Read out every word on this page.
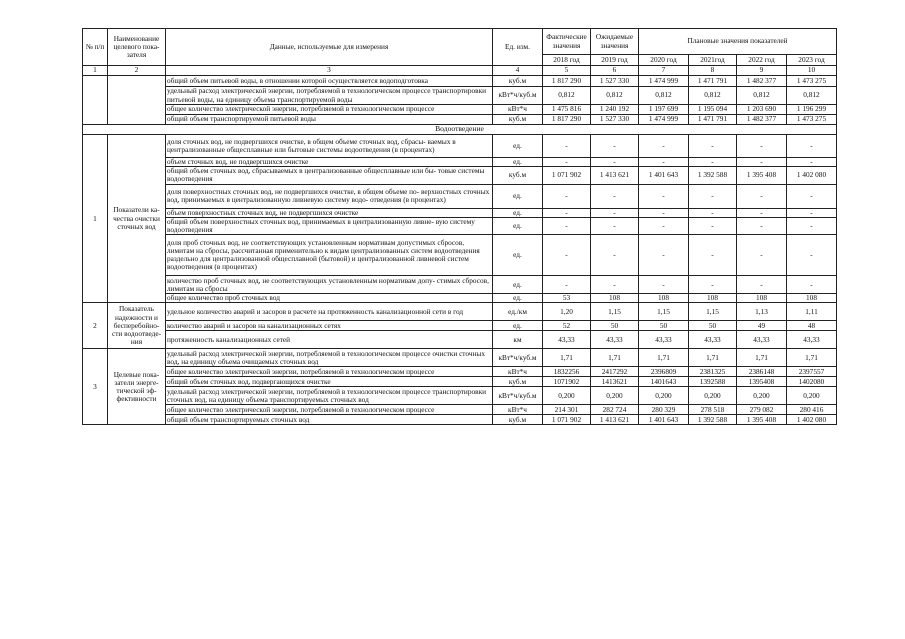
№ п/п	Наименование целевого пока- зателя	Данные, используемые для измерения	Ед. изм.	Фактические значения	Ожидаемые значения	Плановые значения показателей			
				2018 год	2019 год	2020 год	2021год	2022 год	2023 год
1	2	3	4	5	6	7	8	9	10
		общий объем питьевой воды, в отношении которой осуществляется водоподготовка	куб.м	1 817 290	1 527 330	1 474 999	1 471 791	1 482 377	1 473 275
		удельный расход электрической энергии, потребляемой в технологическом процессе транспортировки питьевой воды, на единицу объема транспортируемой воды	кВт*ч/куб.м	0,812	0,812	0,812	0,812	0,812	0,812
		общее количество электрической энергии, потребляемой в технологическом процессе	кВт*ч	1 475 816	1 240 192	1 197 699	1 195 094	1 203 690	1 196 299
		общий объем транспортируемой питьевой воды	куб.м	1 817 290	1 527 330	1 474 999	1 471 791	1 482 377	1 473 275
Водоотведение									
1	Показатели ка- чества очистки сточных вод	доля сточных вод, не подвергшихся очистке, в общем объеме сточных вод, сбрасы- ваемых в централизованные общесплавные или бытовые системы водоотведения (в процентах)	ед.	-	-	-	-	-	-
		объем сточных вод, не подвергшихся очистке	ед.	-	-	-	-	-	-
		общий объем сточных вод, сбрасываемых в централизованные общесплавные или бы- товые системы водоотведения	куб.м	1 071 902	1 413 621	1 401 643	1 392 588	1 395 408	1 402 080
		доля поверхностных сточных вод, не подвергшихся очистке, в общем объеме по- верхностных сточных вод, принимаемых в централизованную ливневую систему водо- отведения (в процентах)	ед.	-	-	-	-	-	-
		объем поверхностных сточных вод, не подвергшихся очистке	ед.	-	-	-	-	-	-
		общий объем поверхностных сточных вод, принимаемых в централизованную ливне- вую систему водоотведения	ед.	-	-	-	-	-	-
		доля проб сточных вод, не соответствующих установленным нормативам допустимых сбросов, лимитам на сбросы, рассчитанная применительно к видам централизованных систем водоотведения раздельно для централизованной общесплавной (бытовой) и централизованной ливневой систем водоотведения (в процентах)	ед.	-	-	-	-	-	-
		количество проб сточных вод, не соответствующих установленным нормативам допу- стимых сбросов, лимитам на сбросы	ед.	-	-	-	-	-	-
		общее количество проб сточных вод	ед.	53	108	108	108	108	108
2	Показатель надежности и бесперебойно- сти водоотведе- ния	удельное количество аварий и засоров в расчете на протяженность канализационной сети в год	ед./км	1,20	1,15	1,15	1,15	1,13	1,11
		количество аварий и засоров на канализационных сетях	ед.	52	50	50	50	49	48
		протяженность канализационных сетей	км	43,33	43,33	43,33	43,33	43,33	43,33
3	Целевые пока- затели энерге- тической эф- фективности	удельный расход электрической энергии, потребляемой в технологическом процессе очистки сточных вод, на единицу объема очищаемых сточных вод	кВт*ч/куб.м	1,71	1,71	1,71	1,71	1,71	1,71
		общее количество электрической энергии, потребляемой в технологическом процессе	кВт*ч	1832256	2417292	2396809	2381325	2386148	2397557
		общий объем сточных вод, подвергающихся очистке	куб.м	1071902	1413621	1401643	1392588	1395408	1402080
		удельный расход электрической энергии, потребляемой в технологическом процессе транспортировки сточных вод, на единицу объема транспортируемых сточных вод	кВт*ч/куб.м	0,200	0,200	0,200	0,200	0,200	0,200
		общее количество электрической энергии, потребляемой в технологическом процессе	кВт*ч	214 301	282 724	280 329	278 518	279 082	280 416
		общий объем транспортируемых сточных вод	куб.м	1 071 902	1 413 621	1 401 643	1 392 588	1 395 408	1 402 080
